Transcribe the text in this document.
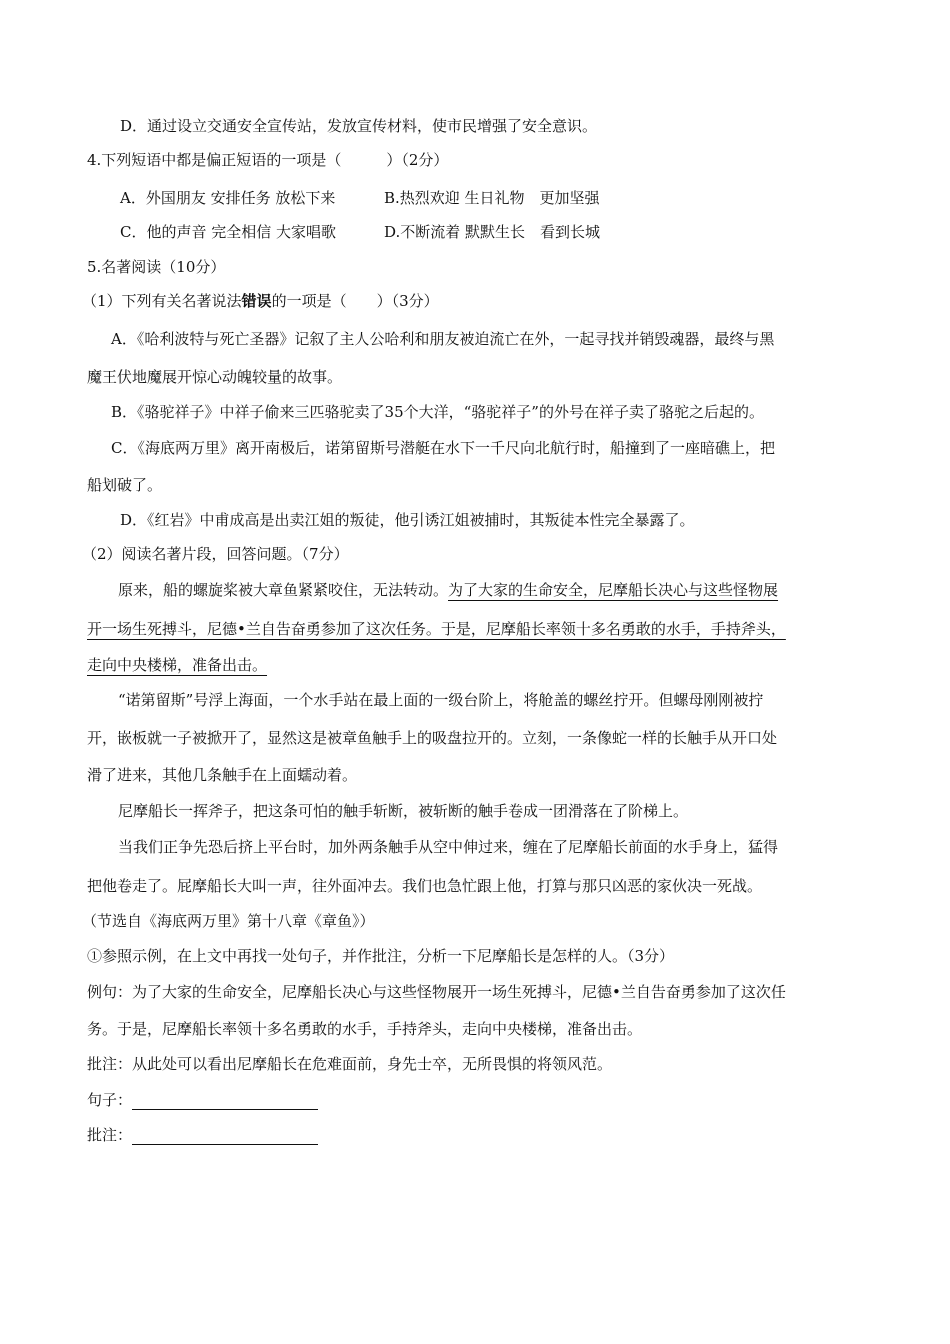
D．通过设立交通安全宣传站，发放宣传材料，使市民增强了安全意识。
4.下列短语中都是偏正短语的一项是（　　　）（2分）
A．外国朋友 安排任务 放松下来	B.热烈欢迎 生日礼物　更加坚强
C．他的声音 完全相信 大家唱歌	D.不断流着 默默生长　看到长城
5.名著阅读（10分）
（1）下列有关名著说法错误的一项是（　　）（3分）
A．《哈利波特与死亡圣器》记叙了主人公哈利和朋友被迫流亡在外，一起寻找并销毁魂器，最终与黑
魔王伏地魔展开惊心动魄较量的故事。
B．《骆驼祥子》中祥子偷来三匹骆驼卖了35个大洋，“骆驼祥子”的外号在祥子卖了骆驼之后起的。
C．《海底两万里》离开南极后，诺第留斯号潜艇在水下一千尺向北航行时，船撞到了一座暗礁上，把
船划破了。
D．《红岩》中甫成高是出卖江姐的叛徒，他引诱江姐被捕时，其叛徒本性完全暴露了。
（2）阅读名著片段，回答问题。（7分）
原来，船的螺旋桨被大章鱼紧紧咬住，无法转动。为了大家的生命安全，尼摩船长决心与这些怪物展
开一场生死搏斗，尼德•兰自告奋勇参加了这次任务。于是，尼摩船长率领十多名勇敢的水手，手持斧头，
走向中央楼梯，准备出击。
“诺第留斯”号浮上海面，一个水手站在最上面的一级台阶上，将舱盖的螺丝拧开。但螺母刚刚被拧
开，嵌板就一子被掀开了，显然这是被章鱼触手上的吸盘拉开的。立刻，一条像蛇一样的长触手从开口处
滑了进来，其他几条触手在上面蠕动着。
尼摩船长一挥斧子，把这条可怕的触手斩断，被斩断的触手卷成一团滑落在了阶梯上。
当我们正争先恐后挤上平台时，加外两条触手从空中伸过来，缠在了尼摩船长前面的水手身上，猛得
把他卷走了。屁摩船长大叫一声，往外面冲去。我们也急忙跟上他，打算与那只凶恶的家伙决一死战。
（节选自《海底两万里》第十八章《章鱼》）
①参照示例，在上文中再找一处句子，并作批注，分析一下尼摩船长是怎样的人。（3分）
例句：为了大家的生命安全，尼摩船长决心与这些怪物展开一场生死搏斗，尼德•兰自告奋勇参加了这次任
务。于是，尼摩船长率领十多名勇敢的水手，手持斧头，走向中央楼梯，准备出击。
批注：从此处可以看出尼摩船长在危难面前，身先士卒，无所畏惧的将领风范。
句子：
批注：
